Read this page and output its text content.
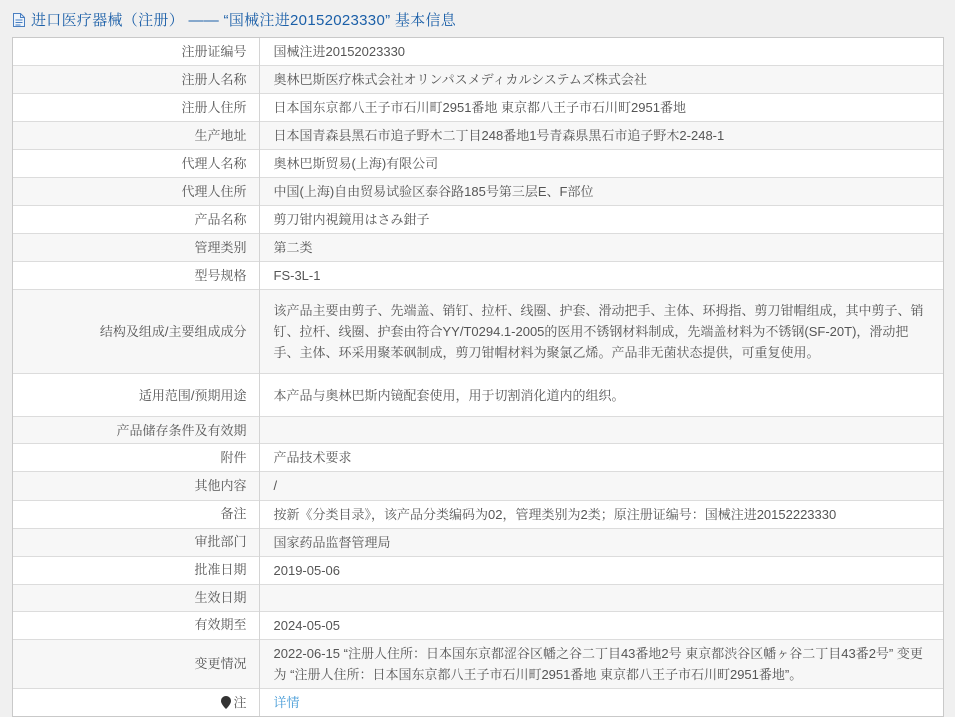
进口医疗器械（注册） —— “国械注进20152023330” 基本信息
注册证编号	国械注进20152023330
注册人名称	奥林巴斯医疗株式会社オリンパスメディカルシステムズ株式会社
注册人住所	日本国东京都八王子市石川町2951番地 東京都八王子市石川町2951番地
生产地址	日本国青森县黑石市追子野木二丁目248番地1号青森県黒石市追子野木2-248-1
代理人名称	奥林巴斯贸易(上海)有限公司
代理人住所	中国(上海)自由贸易试验区泰谷路185号第三层E、F部位
产品名称	剪刀钳内視鏡用はさみ鉗子
管理类别	第二类
型号规格	FS-3L-1
结构及组成/主要组成成分	该产品主要由剪子、先端盖、销钉、拉杆、线圈、护套、滑动把手、主体、环拇指、剪刀钳帽组成，其中剪子、销钉、拉杆、线圈、护套由符合YY/T0294.1-2005的医用不锈钢材料制成，先端盖材料为不锈钢(SF-20T)，滑动把手、主体、环采用聚苯砜制成，剪刀钳帽材料为聚氯乙烯。产品非无菌状态提供，可重复使用。
适用范围/预期用途	本产品与奥林巴斯内镜配套使用，用于切割消化道内的组织。
产品储存条件及有效期	
附件	产品技术要求
其他内容	/
备注	按新《分类目录》，该产品分类编码为02，管理类别为2类；原注册证编号：国械注进20152223330
审批部门	国家药品监督管理局
批准日期	2019-05-06
生效日期	
有效期至	2024-05-05
变更情况	2022-06-15 “注册人住所：日本国东京都涩谷区幡之谷二丁目43番地2号 東京都渋谷区幡ヶ谷二丁目43番2号” 变更为 “注册人住所：日本国东京都八王子市石川町2951番地 東京都八王子市石川町2951番地”。

注	详情
